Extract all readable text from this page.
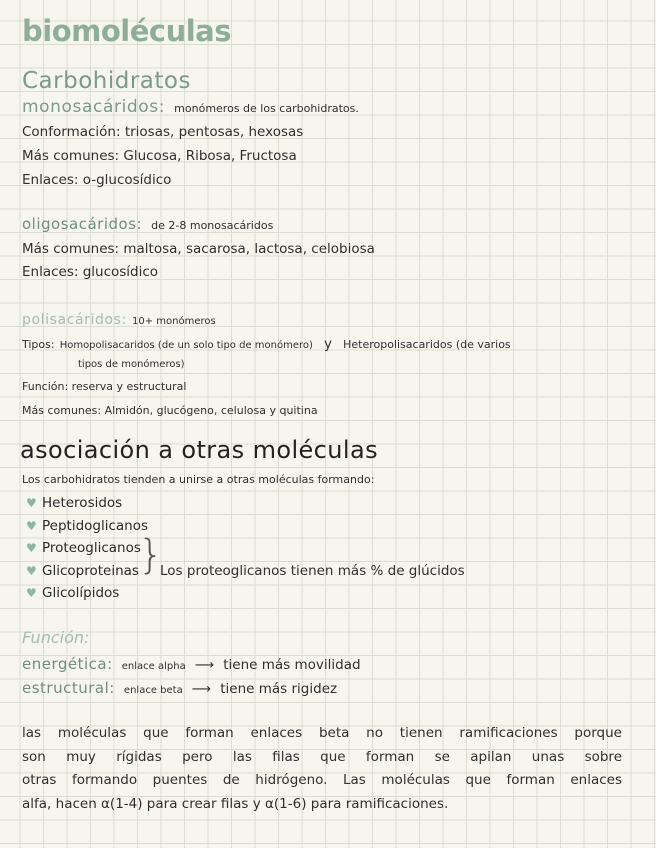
biomoléculas
Carbohidratos
monosacáridos: monómeros de los carbohidratos.
Conformación: triosas, pentosas, hexosas
Más comunes: Glucosa, Ribosa, Fructosa
Enlaces: o-glucosídico
oligosacáridos: de 2-8 monosacáridos
Más comunes: maltosa, sacarosa, lactosa, celobiosa
Enlaces: glucosídico
polisacáridos: 10+ monómeros
Tipos: Homopolisacaridos (de un solo tipo de monómero) y Heteropolisacaridos (de varios
tipos de monómeros)
Función: reserva y estructural
Más comunes: Almidón, glucógeno, celulosa y quitina
asociación a otras moléculas
Los carbohidratos tienden a unirse a otras moléculas formando:
♥ Heterosidos
♥ Peptidoglicanos
♥ Proteoglicanos
♥ Glicoproteinas
♥ Glicolípidos
}
Los proteoglicanos tienen más % de glúcidos
Función:
energética: enlace alpha ⟶ tiene más movilidad
estructural: enlace beta ⟶ tiene más rigidez
las moléculas que forman enlaces beta no tienen ramificaciones porque
son muy rígidas pero las filas que forman se apilan unas sobre
otras formando puentes de hidrógeno. Las moléculas que forman enlaces
alfa, hacen α(1-4) para crear filas y α(1-6) para ramificaciones.
